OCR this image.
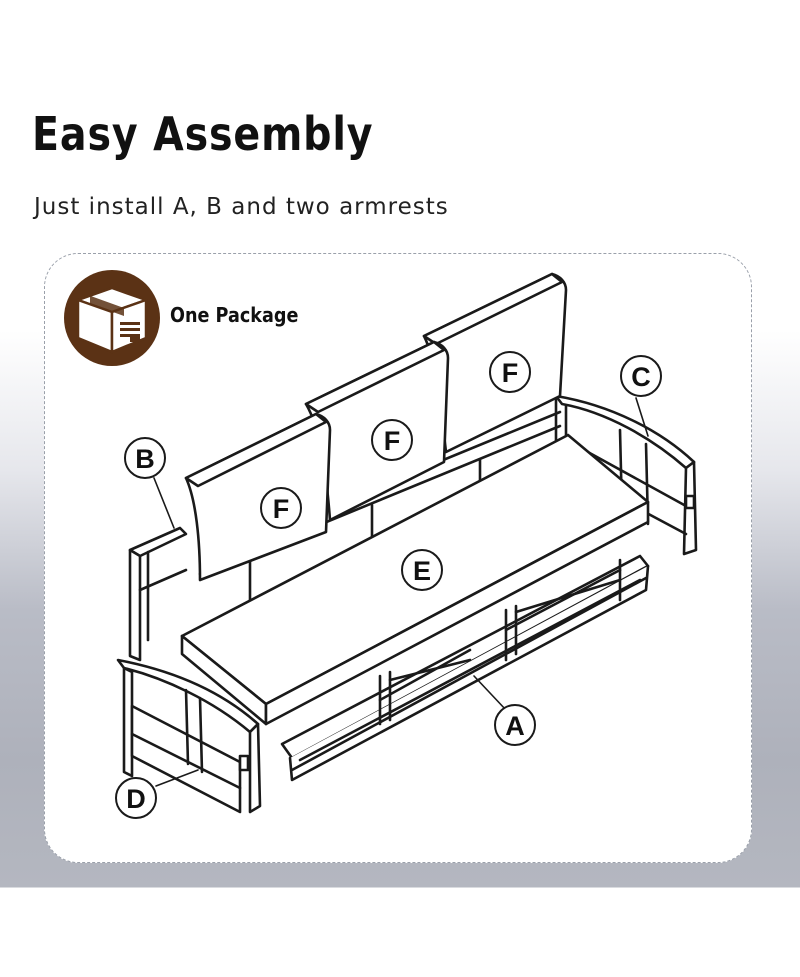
Easy Assembly

Just install A, B and two armrests

One Package

B
C
F
F
F
E
A
D
